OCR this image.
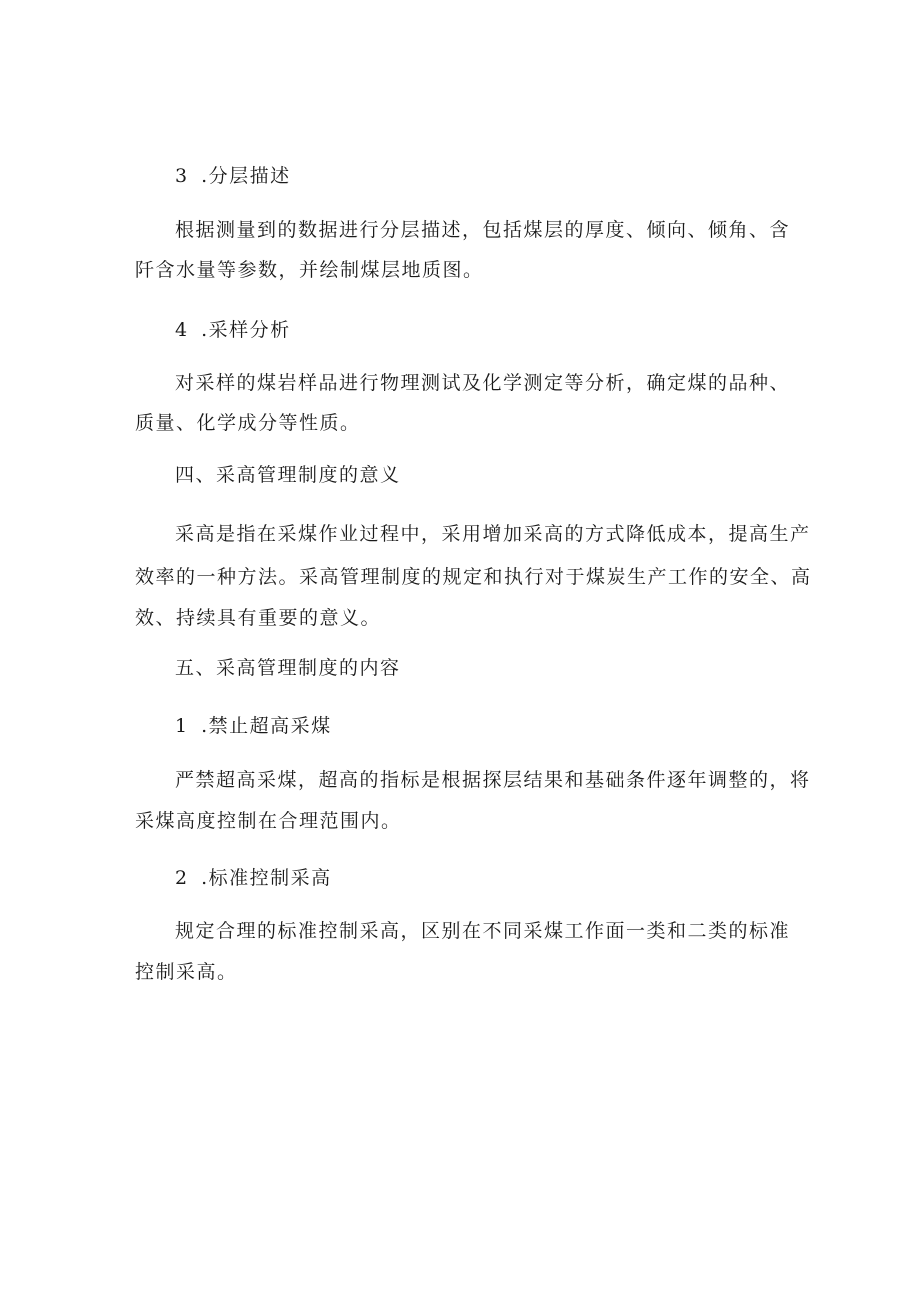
3 .分层描述
根据测量到的数据进行分层描述，包括煤层的厚度、倾向、倾角、含
阡含水量等参数，并绘制煤层地质图。
4 .采样分析
对采样的煤岩样品进行物理测试及化学测定等分析，确定煤的品种、
质量、化学成分等性质。
四、采高管理制度的意义
采高是指在采煤作业过程中，采用增加采高的方式降低成本，提高生产
效率的一种方法。采高管理制度的规定和执行对于煤炭生产工作的安全、高
效、持续具有重要的意义。
五、采高管理制度的内容
1 .禁止超高采煤
严禁超高采煤，超高的指标是根据探层结果和基础条件逐年调整的，将
采煤高度控制在合理范围内。
2 .标准控制采高
规定合理的标准控制采高，区别在不同采煤工作面一类和二类的标准
控制采高。
